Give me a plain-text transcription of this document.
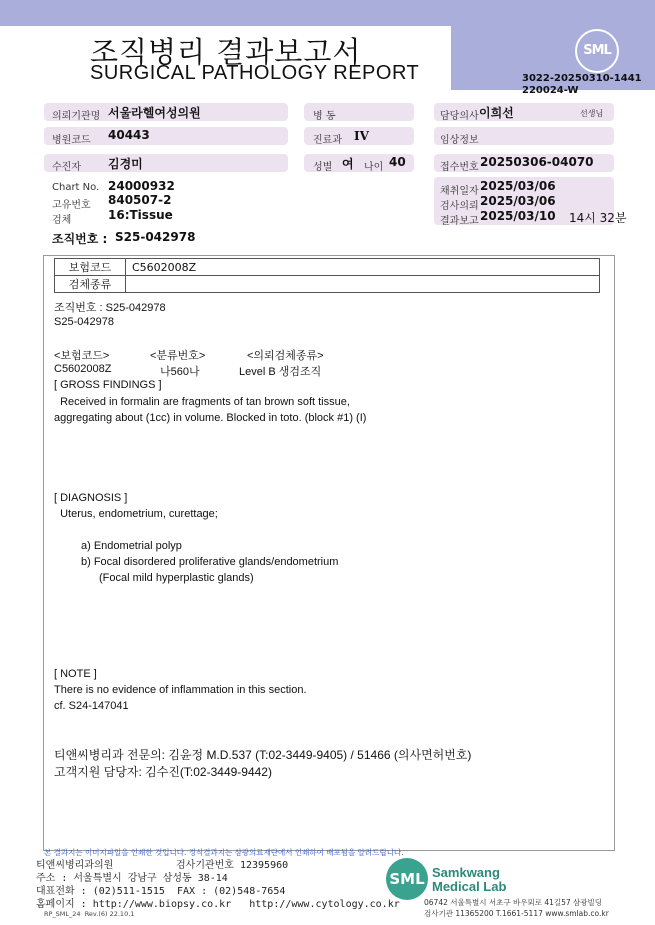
SML
조직병리 결과보고서
SURGICAL PATHOLOGY REPORT	3022-20250310-1441
220024-W
의뢰기관명 서울라헬여성의원
병원코드 40443
수진자 김경미
Chart No. 24000932
고유번호 840507-2
검체	16:Tissue
조직번호 : S25-042978
병 동
진료과 IV
성별 여 나이 40
담당의사 이희선	선생님
임상정보
접수번호 20250306-04070
채취일자 2025/03/06
검사의뢰 2025/03/06
결과보고 2025/03/10 14시 32분
보험코드	C5602008Z
검체종류	
조직번호 : S25-042978
S25-042978
<보험코드>	<분류번호>	<의뢰검체종류>
C5602008Z	나560나	Level B 생검조직
[ GROSS FINDINGS ]
Received in formalin are fragments of tan brown soft tissue,
aggregating about (1cc) in volume. Blocked in toto. (block #1) (I)
[ DIAGNOSIS ]
Uterus, endometrium, curettage;
a) Endometrial polyp
b) Focal disordered proliferative glands/endometrium
(Focal mild hyperplastic glands)
[ NOTE ]
There is no evidence of inflammation in this section.
cf. S24-147041
티앤씨병리과 전문의: 김윤정 M.D.537 (T:02-3449-9405) / 51466 (의사면허번호)
고객지원 담당자: 김수진(T:02-3449-9442)
본 결과지는 이미지파일을 인쇄한 것입니다. 정식결과지는 삼광의료재단에서 인쇄하여 배포됨을 알려드립니다.
티앤씨병리과의원	검사기관번호 12395960
주소 : 서울특별시 강남구 삼성동 38-14
대표전화 : (02)511-1515  FAX : (02)548-7654
홈페이지 : http://www.biopsy.co.kr   http://www.cytology.co.kr
RP_SML_24  Rev.(6) 22.10.1
SML Samkwang
Medical Lab
06742 서울특별시 서초구 바우뫼로 41길57 삼광빌딩
검사기관 11365200 T.1661-5117 www.smlab.co.kr
